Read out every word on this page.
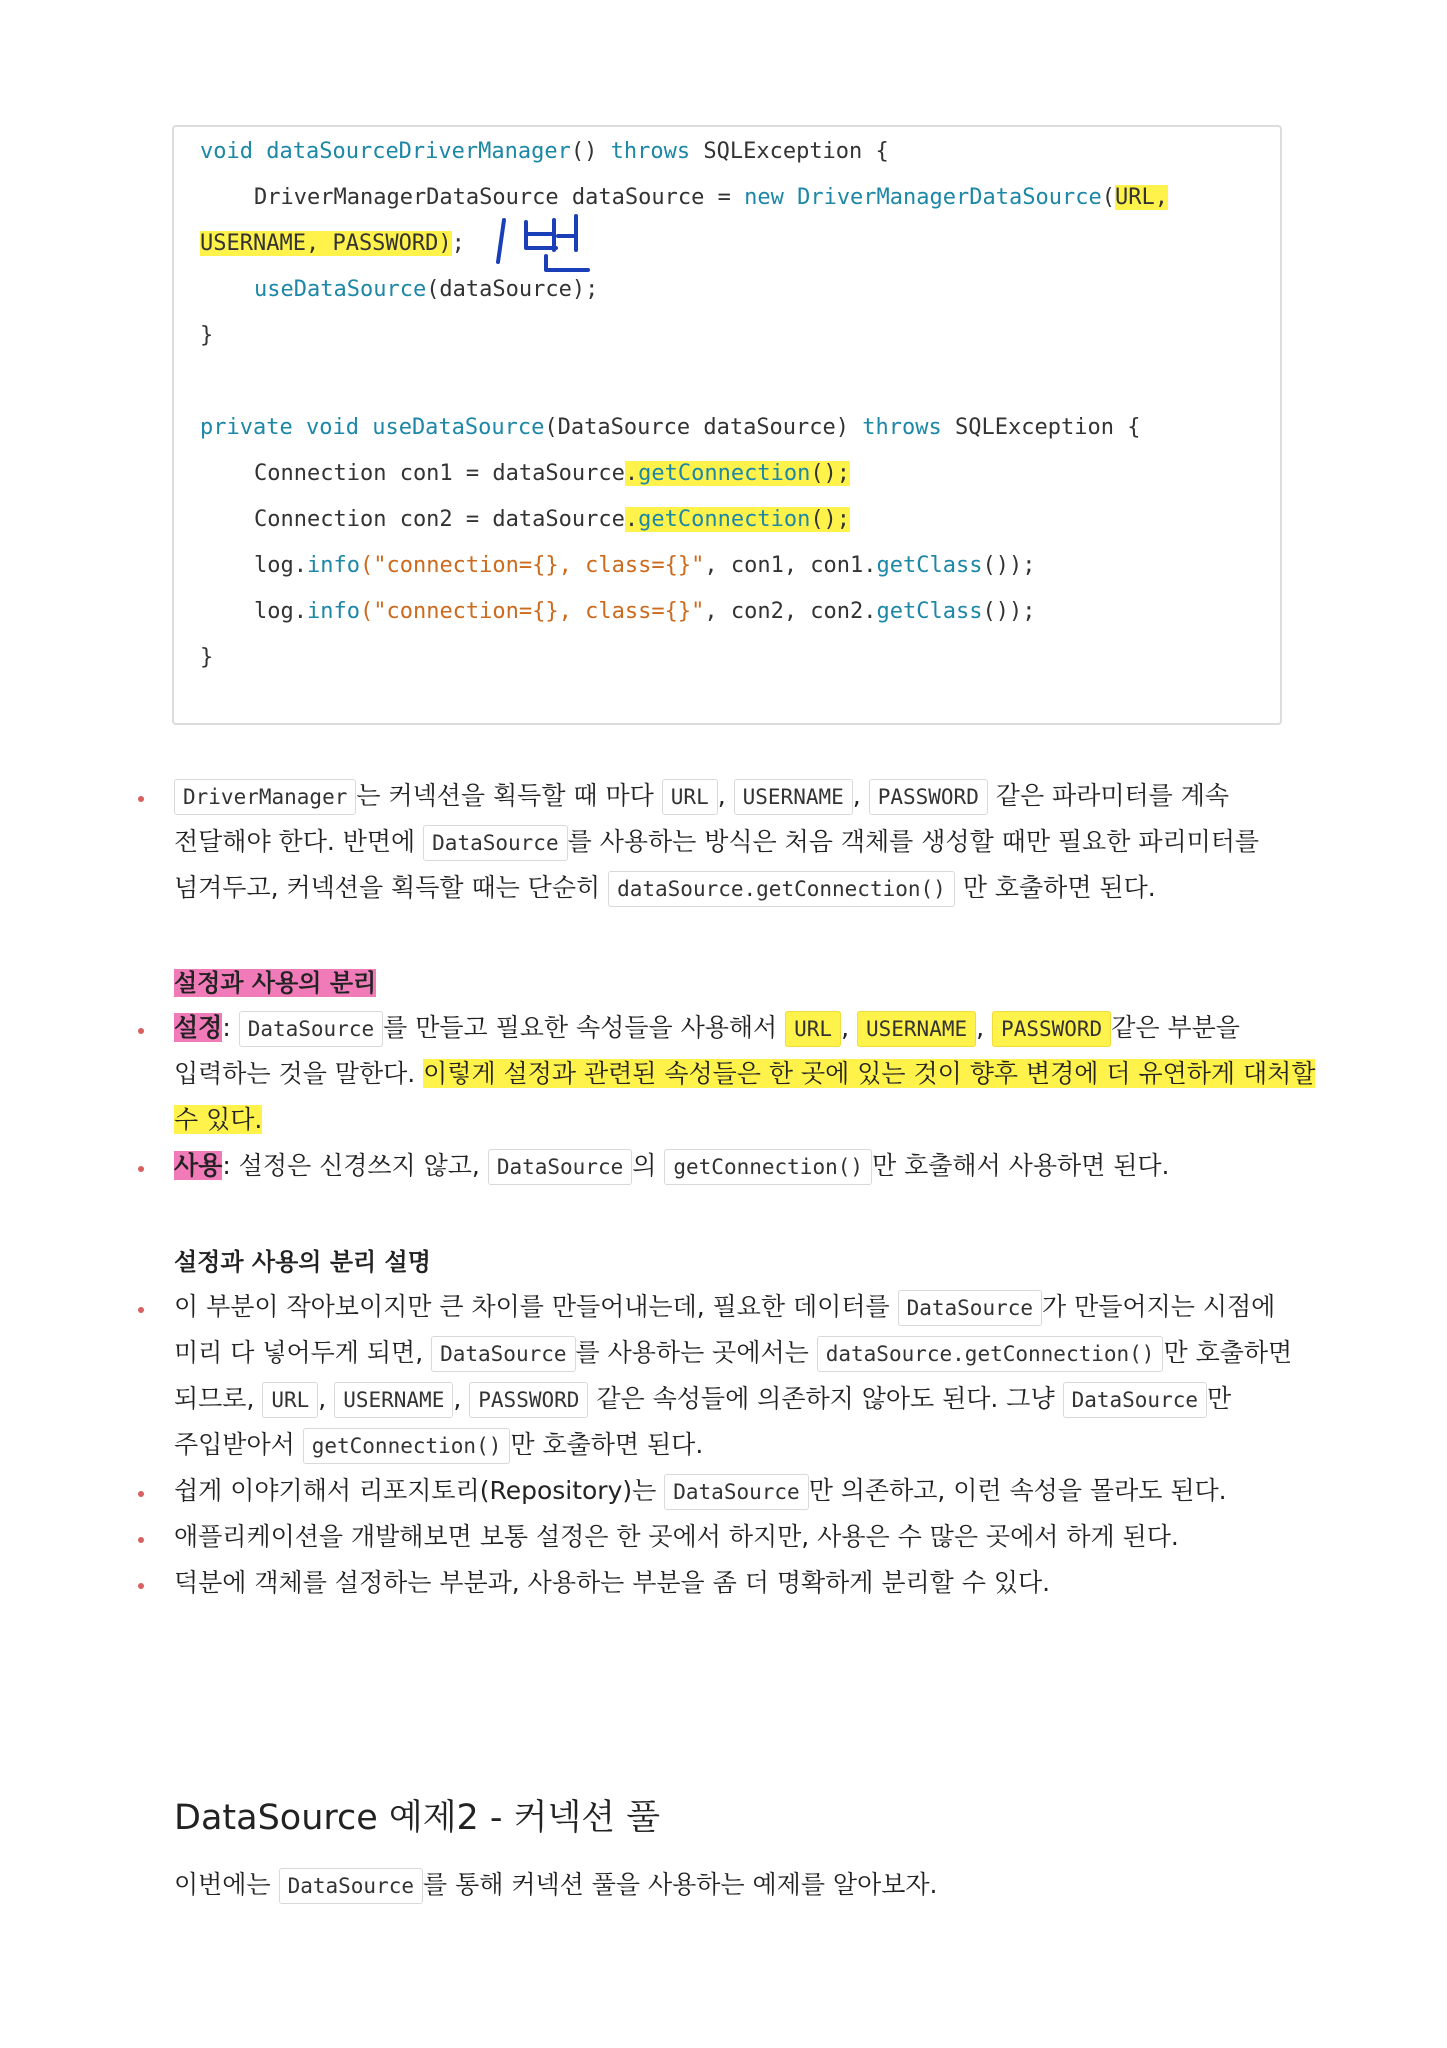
void dataSourceDriverManager() throws SQLException {
DriverManagerDataSource dataSource = new DriverManagerDataSource(URL,
USERNAME, PASSWORD);
useDataSource(dataSource);
}
private void useDataSource(DataSource dataSource) throws SQLException {
Connection con1 = dataSource.getConnection();
Connection con2 = dataSource.getConnection();
log.info("connection={}, class={}", con1, con1.getClass());
log.info("connection={}, class={}", con2, con2.getClass());
}
DriverManager 는 커넥션을 획득할 때 마다 URL , USERNAME , PASSWORD 같은 파라미터를 계속
전달해야 한다. 반면에 DataSource 를 사용하는 방식은 처음 객체를 생성할 때만 필요한 파리미터를
넘겨두고, 커넥션을 획득할 때는 단순히 dataSource.getConnection() 만 호출하면 된다.
설정과 사용의 분리
설정: DataSource 를 만들고 필요한 속성들을 사용해서 URL , USERNAME , PASSWORD 같은 부분을
입력하는 것을 말한다. 이렇게 설정과 관련된 속성들은 한 곳에 있는 것이 향후 변경에 더 유연하게 대처할
수 있다.
사용: 설정은 신경쓰지 않고, DataSource 의 getConnection() 만 호출해서 사용하면 된다.
설정과 사용의 분리 설명
이 부분이 작아보이지만 큰 차이를 만들어내는데, 필요한 데이터를 DataSource 가 만들어지는 시점에
미리 다 넣어두게 되면, DataSource 를 사용하는 곳에서는 dataSource.getConnection() 만 호출하면
되므로, URL , USERNAME , PASSWORD 같은 속성들에 의존하지 않아도 된다. 그냥 DataSource 만
주입받아서 getConnection() 만 호출하면 된다.
쉽게 이야기해서 리포지토리(Repository)는 DataSource 만 의존하고, 이런 속성을 몰라도 된다.
애플리케이션을 개발해보면 보통 설정은 한 곳에서 하지만, 사용은 수 많은 곳에서 하게 된다.
덕분에 객체를 설정하는 부분과, 사용하는 부분을 좀 더 명확하게 분리할 수 있다.
DataSource 예제2 - 커넥션 풀
이번에는 DataSource 를 통해 커넥션 풀을 사용하는 예제를 알아보자.
